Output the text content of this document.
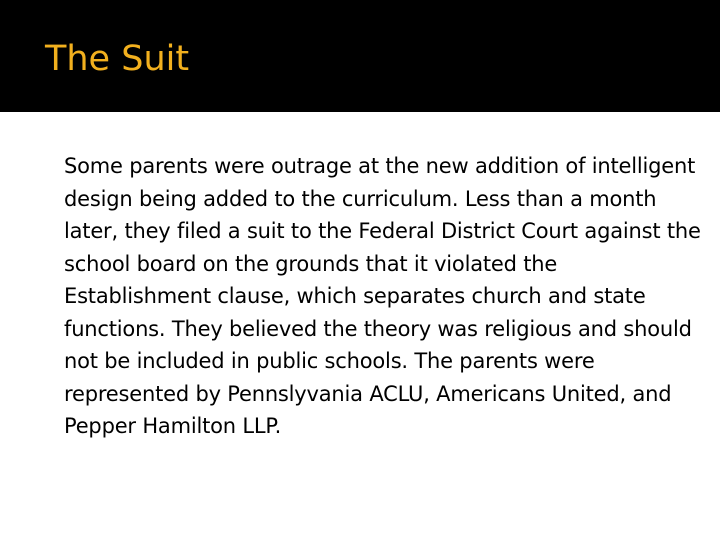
The Suit

Some parents were outrage at the new addition of intelligent design being added to the curriculum. Less than a month later, they filed a suit to the Federal District Court against the school board on the grounds that it violated the Establishment clause, which separates church and state functions. They believed the theory was religious and should not be included in public schools. The parents were represented by Pennslyvania ACLU, Americans United, and Pepper Hamilton LLP.
